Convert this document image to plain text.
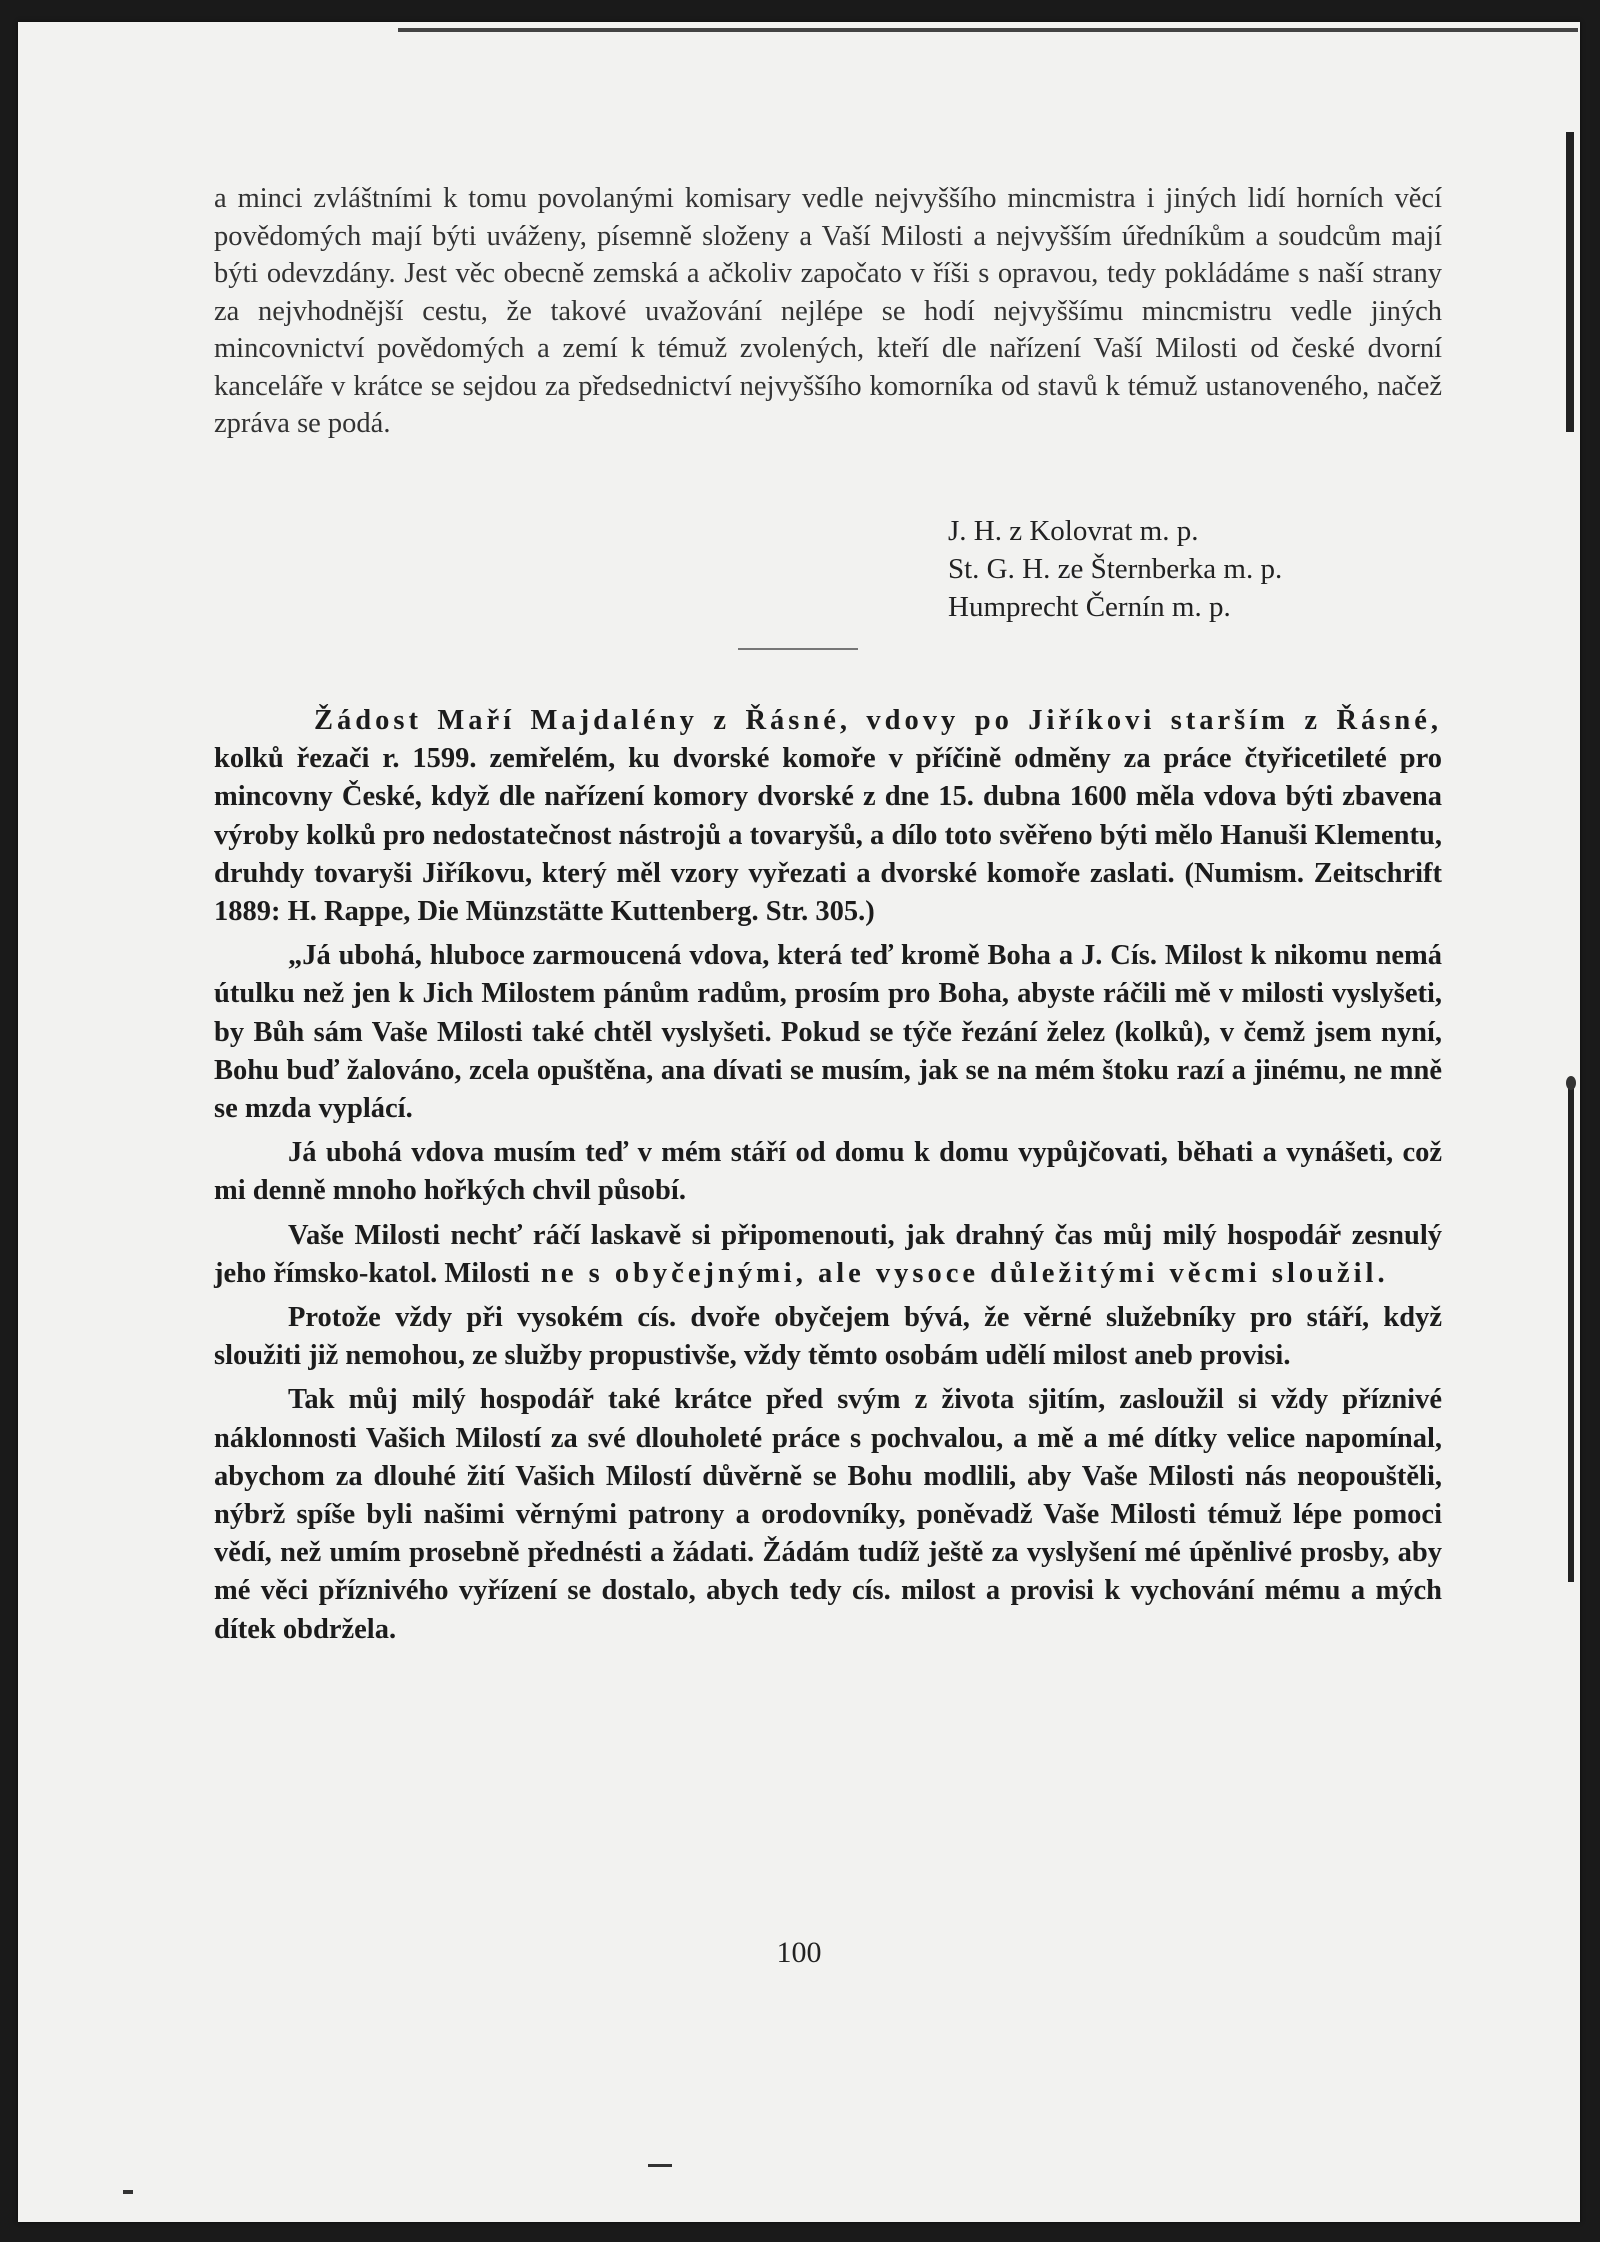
a minci zvláštními k tomu povolanými komisary vedle nejvyššího mincmistra i jiných lidí horních věcí povědomých mají býti uváženy, písemně složeny a Vaší Milosti a nejvyšším úředníkům a soudcům mají býti odevzdány. Jest věc obecně zemská a ačkoliv započato v říši s opravou, tedy pokládáme s naší strany za nejvhodnější cestu, že takové uvažování nejlépe se hodí nejvyššímu mincmistru vedle jiných mincovnictví povědomých a zemí k témuž zvolených, kteří dle nařízení Vaší Milosti od české dvorní kanceláře v krátce se sejdou za předsednictví nejvyššího komorníka od stavů k témuž ustanoveného, načež zpráva se podá.

J. H. z Kolovrat m. p.
St. G. H. ze Šternberka m. p.
Humprecht Černín m. p.

Žádost Maří Majdalény z Řásné, vdovy po Jiříkovi starším z Řásné, kolků řezači r. 1599. zemřelém, ku dvorské komoře v příčině odměny za práce čtyřicetileté pro mincovny České, když dle nařízení komory dvorské z dne 15. dubna 1600 měla vdova býti zbavena výroby kolků pro nedostatečnost nástrojů a tovaryšů, a dílo toto svěřeno býti mělo Hanuši Klementu, druhdy tovaryši Jiříkovu, který měl vzory vyřezati a dvorské komoře zaslati. (Numism. Zeitschrift 1889: H. Rappe, Die Münzstätte Kuttenberg. Str. 305.)

„Já ubohá, hluboce zarmoucená vdova, která teď kromě Boha a J. Cís. Milost k nikomu nemá útulku než jen k Jich Milostem pánům radům, prosím pro Boha, abyste ráčili mě v milosti vyslyšeti, by Bůh sám Vaše Milosti také chtěl vyslyšeti. Pokud se týče řezání želez (kolků), v čemž jsem nyní, Bohu buď žalováno, zcela opuštěna, ana dívati se musím, jak se na mém štoku razí a jinému, ne mně se mzda vyplácí.

Já ubohá vdova musím teď v mém stáří od domu k domu vypůjčovati, běhati a vynášeti, což mi denně mnoho hořkých chvil působí.

Vaše Milosti nechť ráčí laskavě si připomenouti, jak drahný čas můj milý hospodář zesnulý jeho římsko-katol. Milosti ne s obyčejnými, ale vysoce důležitými věcmi sloužil.

Protože vždy při vysokém cís. dvoře obyčejem bývá, že věrné služebníky pro stáří, když sloužiti již nemohou, ze služby propustivše, vždy těmto osobám udělí milost aneb provisi.

Tak můj milý hospodář také krátce před svým z života sjitím, zasloužil si vždy příznivé náklonnosti Vašich Milostí za své dlouholeté práce s pochvalou, a mě a mé dítky velice napomínal, abychom za dlouhé žití Vašich Milostí důvěrně se Bohu modlili, aby Vaše Milosti nás neopouštěli, nýbrž spíše byli našimi věrnými patrony a orodovníky, poněvadž Vaše Milosti témuž lépe pomoci vědí, než umím prosebně přednésti a žádati. Žádám tudíž ještě za vyslyšení mé úpěnlivé prosby, aby mé věci příznivého vyřízení se dostalo, abych tedy cís. milost a provisi k vychování mému a mých dítek obdržela.

100
